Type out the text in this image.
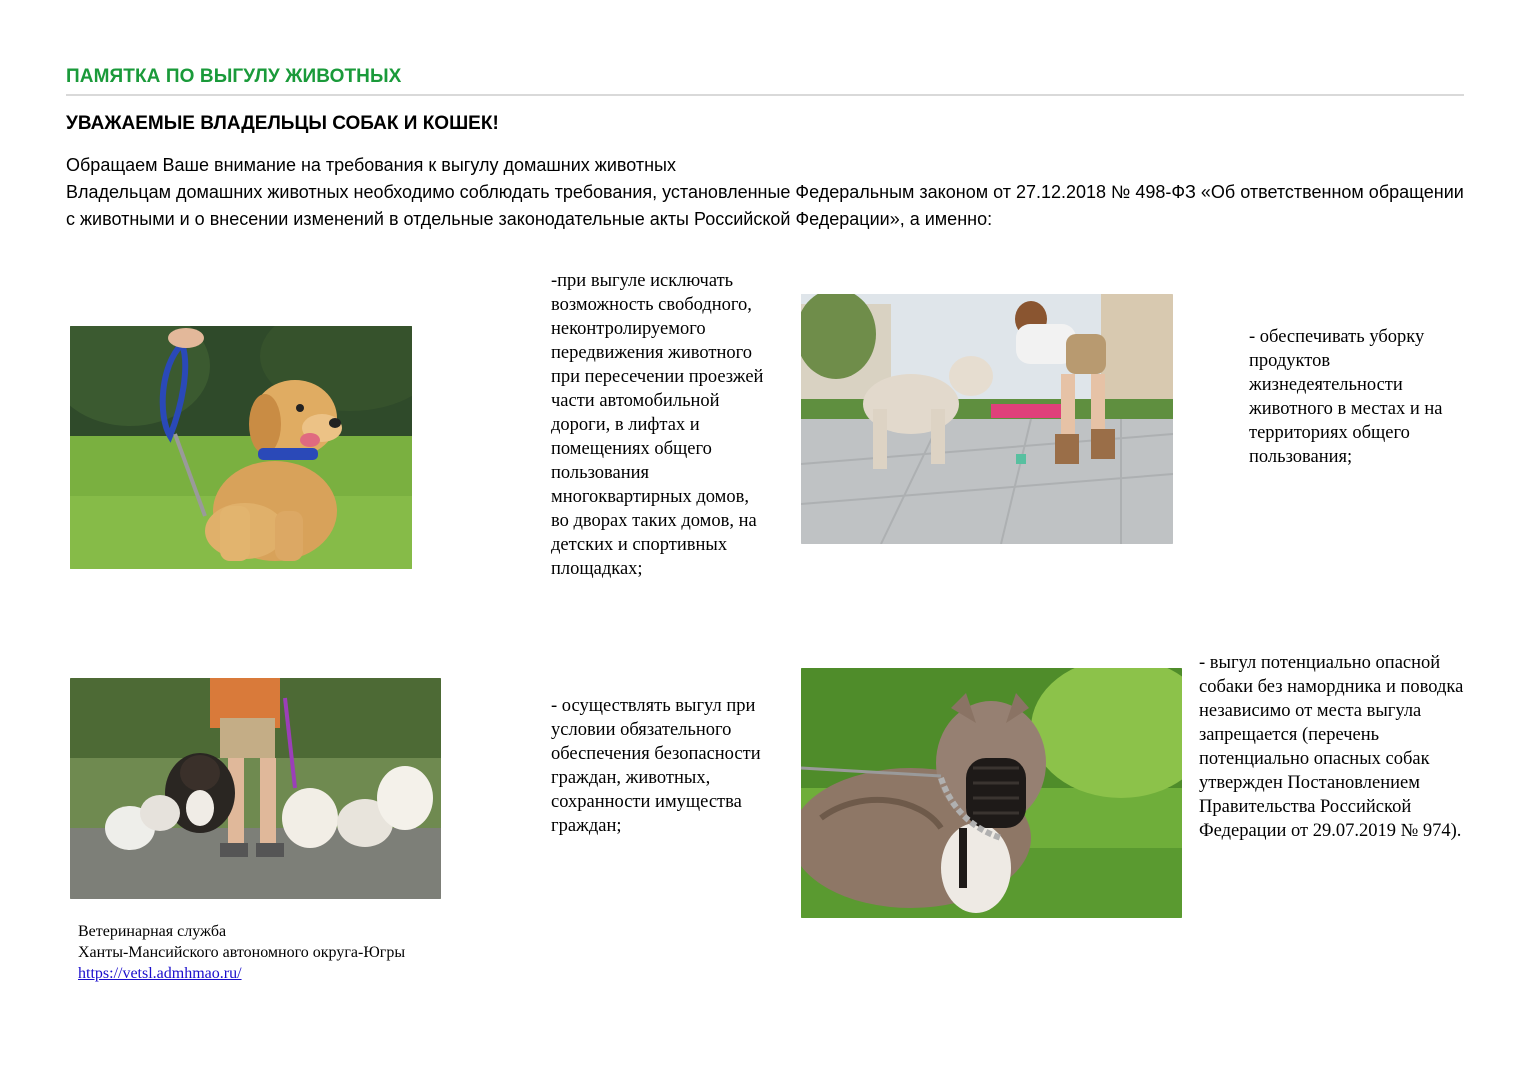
ПАМЯТКА ПО ВЫГУЛУ ЖИВОТНЫХ
УВАЖАЕМЫЕ ВЛАДЕЛЬЦЫ СОБАК И КОШЕК!

Обращаем Ваше внимание на требования к выгулу домашних животных

Владельцам домашних животных необходимо соблюдать требования, установленные Федеральным законом от 27.12.2018 № 498-ФЗ «Об ответственном обращении с животными и о внесении изменений в отдельные законодательные акты Российской Федерации», а именно:

-при выгуле исключать возможность свободного, неконтролируемого передвижения животного при пересечении проезжей части автомобильной дороги, в лифтах и помещениях общего пользования многоквартирных домов, во дворах таких домов, на детских и спортивных площадках;
- обеспечивать уборку продуктов жизнедеятельности животного в местах и на территориях общего пользования;
- осуществлять выгул при условии обязательного обеспечения безопасности граждан, животных, сохранности имущества граждан;
- выгул потенциально опасной собаки без намордника и поводка независимо от места выгула запрещается (перечень потенциально опасных собак утвержден Постановлением Правительства Российской Федерации от 29.07.2019 № 974).
Ветеринарная служба
Ханты-Мансийского автономного округа-Югры
https://vetsl.admhmao.ru/
